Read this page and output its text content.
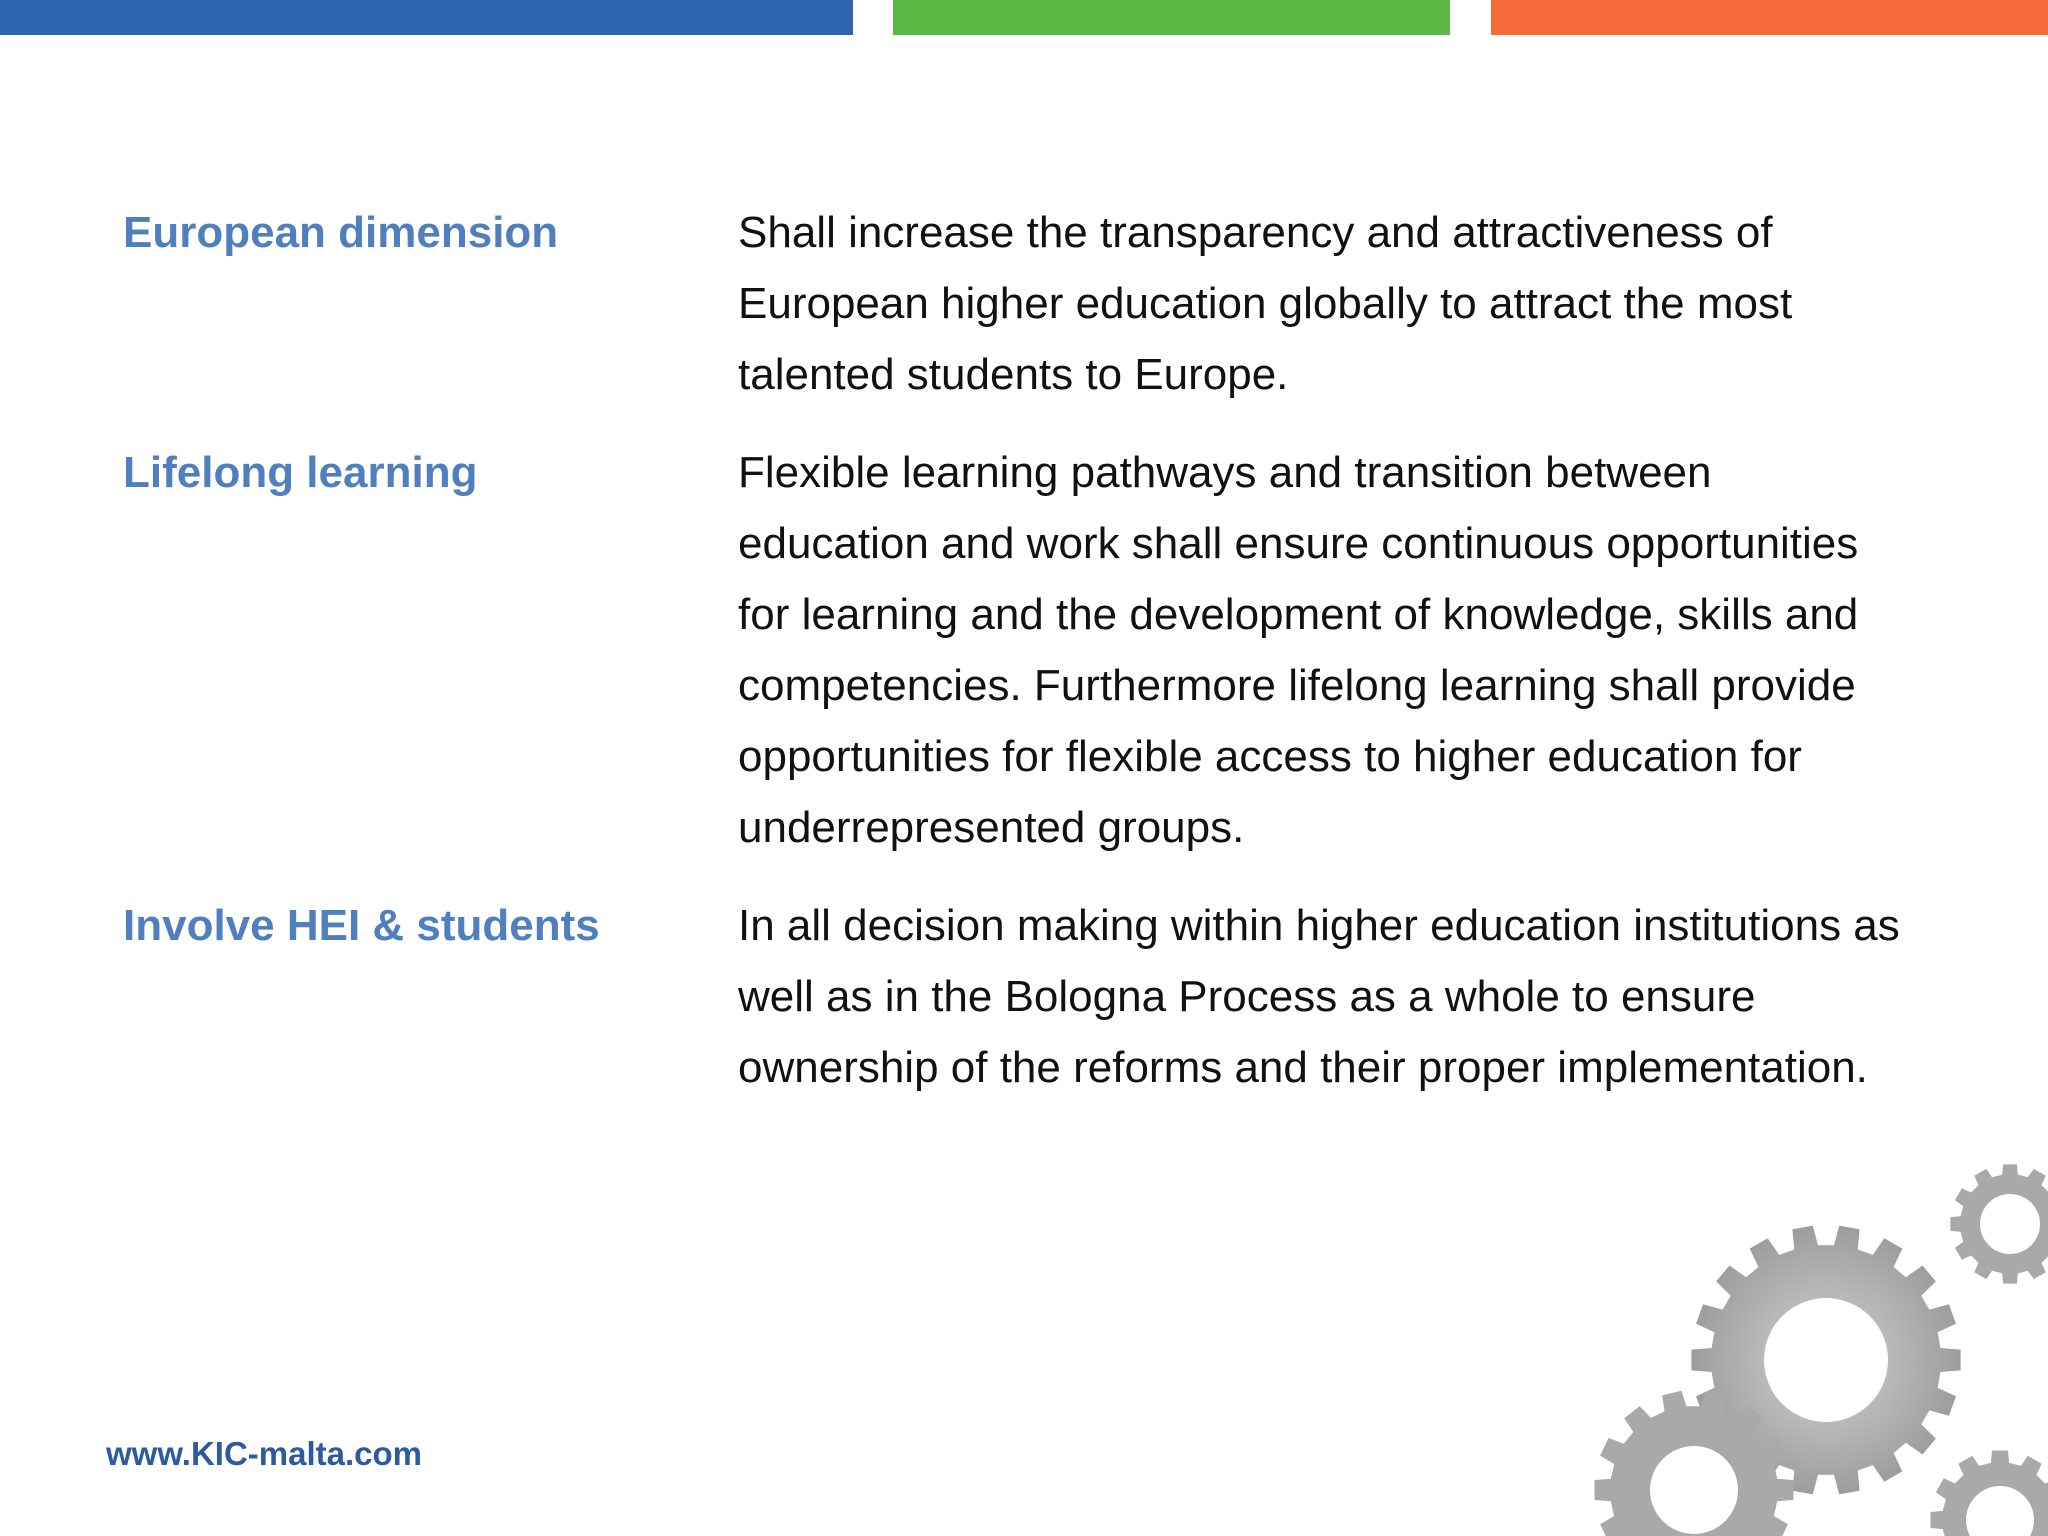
European dimension	Shall increase the transparency and attractiveness of European higher education globally to attract the most talented students to Europe.
Lifelong learning	Flexible learning pathways and transition between education and work shall ensure continuous opportunities for learning and the development of knowledge, skills and competencies. Furthermore lifelong learning shall provide opportunities for flexible access to higher education for underrepresented groups.
Involve HEI & students	In all decision making within higher education institutions as well as in the Bologna Process as a whole to ensure ownership of the reforms and their proper implementation.
www.KIC-malta.com
